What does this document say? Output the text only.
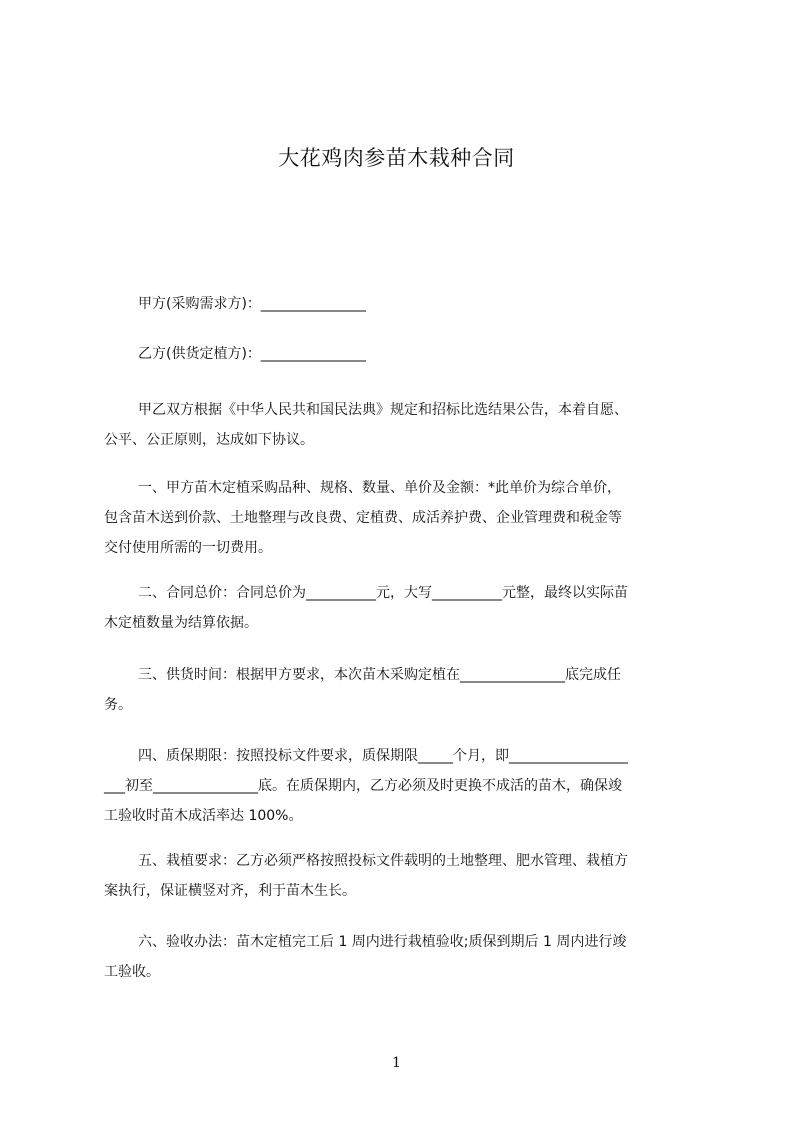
大花鸡肉参苗木栽种合同

甲方(采购需求方)：_______________

乙方(供货定植方)：_______________

甲乙双方根据《中华人民共和国民法典》规定和招标比选结果公告，本着自愿、
公平、公正原则，达成如下协议。

一、甲方苗木定植采购品种、规格、数量、单价及金额：*此单价为综合单价，
包含苗木送到价款、土地整理与改良费、定植费、成活养护费、企业管理费和税金等
交付使用所需的一切费用。

二、合同总价：合同总价为__________元，大写__________元整，最终以实际苗
木定植数量为结算依据。

三、供货时间：根据甲方要求，本次苗木采购定植在_______________底完成任
务。

四、质保期限：按照投标文件要求，质保期限_____个月，即_________________
___初至_______________底。在质保期内，乙方必须及时更换不成活的苗木，确保竣
工验收时苗木成活率达 100%。

五、栽植要求：乙方必须严格按照投标文件载明的土地整理、肥水管理、栽植方
案执行，保证横竖对齐，利于苗木生长。

六、验收办法：苗木定植完工后 1 周内进行栽植验收;质保到期后 1 周内进行竣
工验收。

1
